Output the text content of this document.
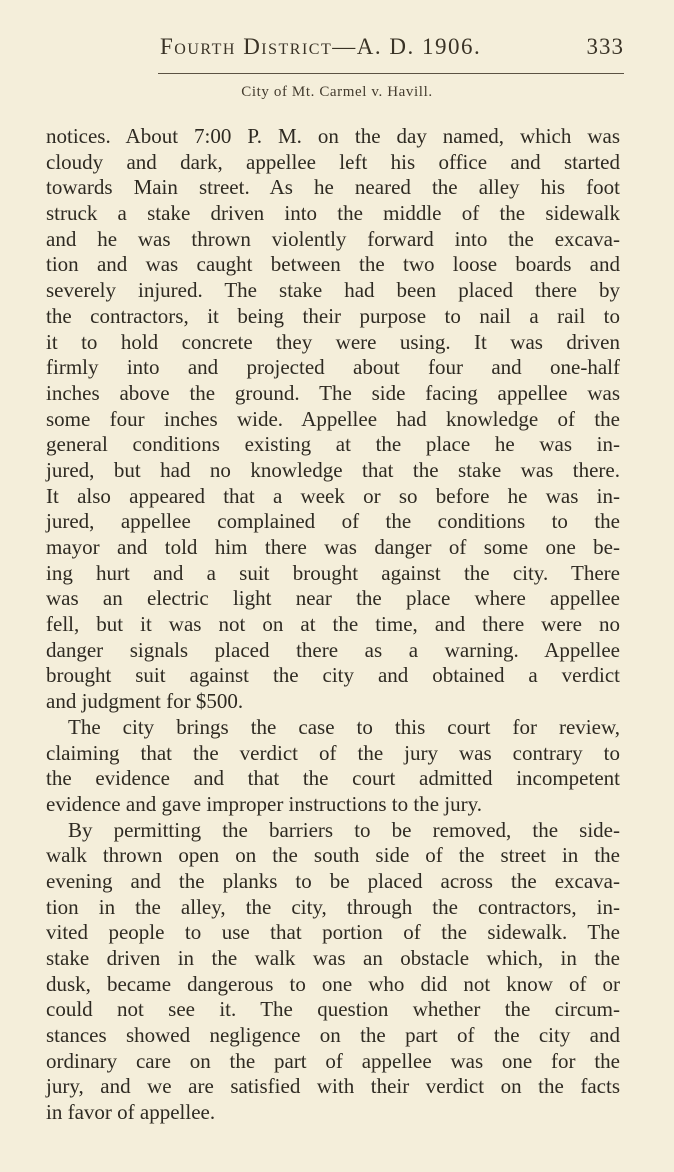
Fourth District—A. D. 1906.	333
City of Mt. Carmel v. Havill.
notices. About 7:00 P. M. on the day named, which was
cloudy and dark, appellee left his office and started
towards Main street. As he neared the alley his foot
struck a stake driven into the middle of the sidewalk
and he was thrown violently forward into the excava-
tion and was caught between the two loose boards and
severely injured. The stake had been placed there by
the contractors, it being their purpose to nail a rail to
it to hold concrete they were using. It was driven
firmly into and projected about four and one-half
inches above the ground. The side facing appellee was
some four inches wide. Appellee had knowledge of the
general conditions existing at the place he was in-
jured, but had no knowledge that the stake was there.
It also appeared that a week or so before he was in-
jured, appellee complained of the conditions to the
mayor and told him there was danger of some one be-
ing hurt and a suit brought against the city. There
was an electric light near the place where appellee
fell, but it was not on at the time, and there were no
danger signals placed there as a warning. Appellee
brought suit against the city and obtained a verdict
and judgment for $500.
The city brings the case to this court for review,
claiming that the verdict of the jury was contrary to
the evidence and that the court admitted incompetent
evidence and gave improper instructions to the jury.
By permitting the barriers to be removed, the side-
walk thrown open on the south side of the street in the
evening and the planks to be placed across the excava-
tion in the alley, the city, through the contractors, in-
vited people to use that portion of the sidewalk. The
stake driven in the walk was an obstacle which, in the
dusk, became dangerous to one who did not know of or
could not see it. The question whether the circum-
stances showed negligence on the part of the city and
ordinary care on the part of appellee was one for the
jury, and we are satisfied with their verdict on the facts
in favor of appellee.
